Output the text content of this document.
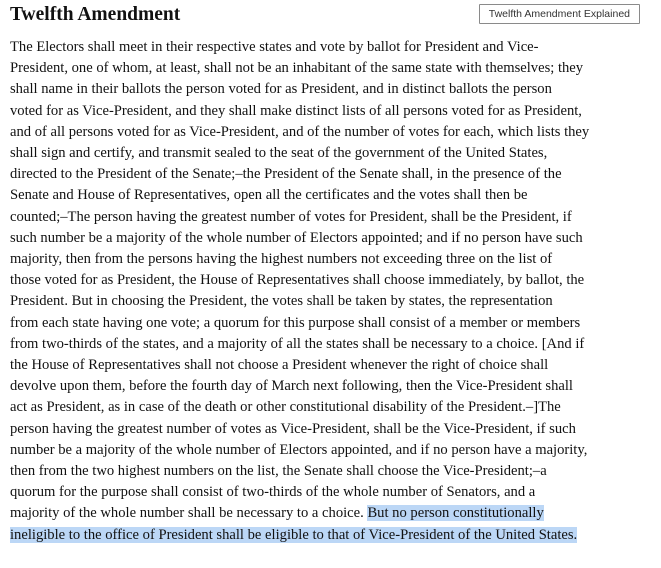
Twelfth Amendment	Twelfth Amendment Explained
The Electors shall meet in their respective states and vote by ballot for President and Vice-
President, one of whom, at least, shall not be an inhabitant of the same state with themselves; they
shall name in their ballots the person voted for as President, and in distinct ballots the person
voted for as Vice-President, and they shall make distinct lists of all persons voted for as President,
and of all persons voted for as Vice-President, and of the number of votes for each, which lists they
shall sign and certify, and transmit sealed to the seat of the government of the United States,
directed to the President of the Senate;–the President of the Senate shall, in the presence of the
Senate and House of Representatives, open all the certificates and the votes shall then be
counted;–The person having the greatest number of votes for President, shall be the President, if
such number be a majority of the whole number of Electors appointed; and if no person have such
majority, then from the persons having the highest numbers not exceeding three on the list of
those voted for as President, the House of Representatives shall choose immediately, by ballot, the
President. But in choosing the President, the votes shall be taken by states, the representation
from each state having one vote; a quorum for this purpose shall consist of a member or members
from two-thirds of the states, and a majority of all the states shall be necessary to a choice. [And if
the House of Representatives shall not choose a President whenever the right of choice shall
devolve upon them, before the fourth day of March next following, then the Vice-President shall
act as President, as in case of the death or other constitutional disability of the President.–]The
person having the greatest number of votes as Vice-President, shall be the Vice-President, if such
number be a majority of the whole number of Electors appointed, and if no person have a majority,
then from the two highest numbers on the list, the Senate shall choose the Vice-President;–a
quorum for the purpose shall consist of two-thirds of the whole number of Senators, and a
majority of the whole number shall be necessary to a choice. But no person constitutionally
ineligible to the office of President shall be eligible to that of Vice-President of the United States.
